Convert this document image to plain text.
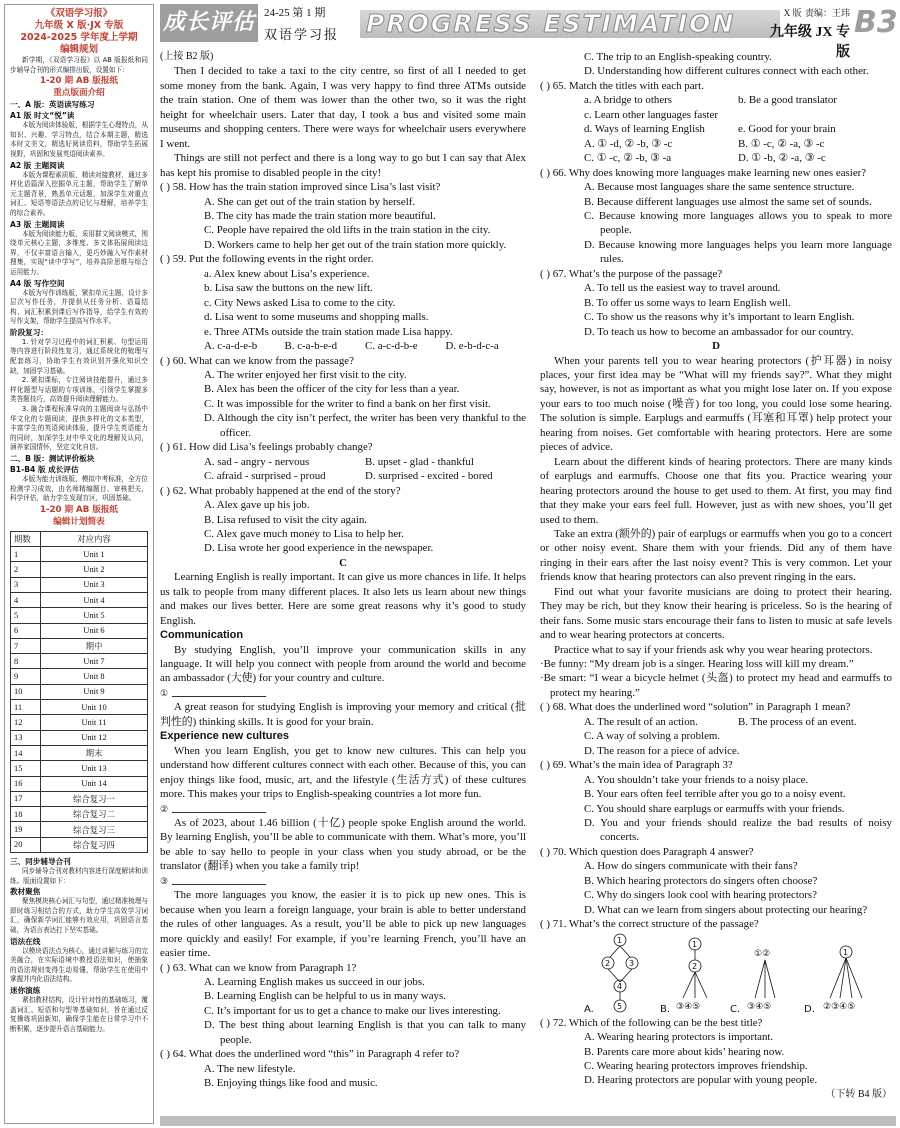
成长评估 24-25 第 1 期
双语学习报 PROGRESS ESTIMATION	X 版 责编：王玮
九年级 JX 专版
B3
《双语学习报》
九年级 X 版·JX 专版
2024-2025 学年度上学期
编辑规划
新学期，《双语学习报》以 AB 版报纸和同步辅导合刊的形式编排出版，设置如下：
1-20 期 AB 版报纸
重点版面介绍
一、A 版：英语读写练习
A1 版 时文“悦”读
本版为阅读体验版，根据学生心理特点，从知识、兴趣、学习特点，结合本期主题，精选本时文美文，精选好阅读资料，帮助学生拓展视野，巩固和发展英语阅读素养。
A2 版 主题阅读
本版为课程素质版，精读对接教材，通过多样化语篇深入挖掘单元主题，帮助学生了解单元主题背景，熟悉单元话题，加深学生对重点词汇、短语等语法点的记忆与理解，培养学生的综合素养。
A3 版 主题阅读
本版为阅读能力版，采用群文阅读模式，围绕单元核心主题，多维度、多文体拓展阅读边界，不仅丰富语言输入，更巧妙融入写作素材搜集，实现“读中学写”，培养高阶思维与综合运用能力。
A4 版 写作空间
本版为写作训练版，紧扣单元主题，设计多层次写作任务，并提供从任务分析、语篇结构、词汇积累到课后写作指导，给学生有效的写作支架，帮助学生提高写作水平。
阶段复习：
1. 针对学习过程中的词汇积累、句型运用等内容进行阶段性复习，通过系统化的梳理与配套练习，协助学生有效识别并强化知识空缺，加固学习基础。
2. 紧扣课标，专注阅读技能提升，通过多样化题型与话题的专项训练，引领学生掌握多类答题技巧，高效提升阅读理解能力。
3. 融合课程标准导向的主题阅读与弘扬中华文化的专题阅读，提供多样化的文本类型，丰富学生的英语阅读体验，提升学生英语能力的同时，加深学生对中华文化的理解及认同，涵养家国情怀，坚定文化自信。
二、B 版：测试评价板块
B1-B4 版 成长评估
本版为能力训练版，模拟中考标准，全方位检测学习成效，由名师精编题目、审核把关，科学评估，助力学生发现盲区，巩固基础。
1-20 期 AB 版报纸
编辑计划简表
期数	对应内容
1	Unit 1
2	Unit 2
3	Unit 3
4	Unit 4
5	Unit 5
6	Unit 6
7	期中
8	Unit 7
9	Unit 8
10	Unit 9
11	Unit 10
12	Unit 11
13	Unit 12
14	期末
15	Unit 13
16	Unit 14
17	综合复习一
18	综合复习二
19	综合复习三
20	综合复习四
三、同步辅导合刊
同步辅导合刊对教材内容进行深度解读和训练。版面设置如下：
教材聚焦
聚焦模块核心词汇与句型，通过精准梳理与即时练习相结合的方式，助力学生高效学习词汇，确保新学词汇能够有效应用，巩固语言基础，为语言表达打下坚实基础。
语法在线
以模块语法点为核心，通过讲解与练习的完美融合，在实际语境中教授语法知识，使抽象的语法规则变得生动易懂，帮助学生在使用中掌握并内化语法结构。
迷你演练
紧扣教材结构，设计针对性的基础练习，覆盖词汇、短语和句型等基础知识，旨在通过反复操练巩固新知，确保学生能在日常学习中不断积累，逐步提升语言基础能力。

(上接 B2 版)

Then I decided to take a taxi to the city centre, so first of all I needed to get some money from the bank. Again, I was very happy to find three ATMs outside the train station. One of them was lower than the other two, so it was the right height for wheelchair users. Later that day, I took a bus and visited some main museums and shopping centers. There were ways for wheelchair users everywhere I went.

Things are still not perfect and there is a long way to go but I can say that Alex has kept his promise to disabled people in the city!

( ) 58. How has the train station improved since Lisa’s last visit?

A. She can get out of the train station by herself.

B. The city has made the train station more beautiful.

C. People have repaired the old lifts in the train station in the city.

D. Workers came to help her get out of the train station more quickly.

( ) 59. Put the following events in the right order.

a. Alex knew about Lisa’s experience.

b. Lisa saw the buttons on the new lift.

c. City News asked Lisa to come to the city.

d. Lisa went to some museums and shopping malls.

e. Three ATMs outside the train station made Lisa happy.

A. c-a-d-e-b	B. c-a-b-e-d	C. a-c-d-b-e	D. e-b-d-c-a

( ) 60. What can we know from the passage?

A. The writer enjoyed her first visit to the city.

B. Alex has been the officer of the city for less than a year.

C. It was impossible for the writer to find a bank on her first visit.

D. Although the city isn’t perfect, the writer has been very thankful to the officer.

( ) 61. How did Lisa’s feelings probably change?

A. sad - angry - nervous	B. upset - glad - thankful
C. afraid - surprised - proud	D. surprised - excited - bored

( ) 62. What probably happened at the end of the story?

A. Alex gave up his job.

B. Lisa refused to visit the city again.

C. Alex gave much money to Lisa to help her.

D. Lisa wrote her good experience in the newspaper.

C

Learning English is really important. It can give us more chances in life. It helps us talk to people from many different places. It also lets us learn about new things and makes our lives better. Here are some great reasons why it’s good to study English.

Communication

By studying English, you’ll improve your communication skills in any language. It will help you connect with people from around the world and become an ambassador (大使) for your country and culture.

①

A great reason for studying English is improving your memory and critical (批判性的) thinking skills. It is good for your brain.

Experience new cultures

When you learn English, you get to know new cultures. This can help you understand how different cultures connect with each other. Because of this, you can enjoy things like food, music, art, and the lifestyle (生活方式) of these cultures more. This makes your trips to English-speaking countries a lot more fun.

②

As of 2023, about 1.46 billion (十亿) people spoke English around the world. By learning English, you’ll be able to communicate with them. What’s more, you’ll be able to say hello to people in your class when you study abroad, or be the translator (翻译) when you take a family trip!

③

The more languages you know, the easier it is to pick up new ones. This is because when you learn a foreign language, your brain is able to better understand the rules of other languages. As a result, you’ll be able to pick up new languages more quickly and easily! For example, if you’re learning French, you’ll have an easier time.

( ) 63. What can we know from Paragraph 1?

A. Learning English makes us succeed in our jobs.

B. Learning English can be helpful to us in many ways.

C. It’s important for us to get a chance to make our lives interesting.

D. The best thing about learning English is that you can talk to many people.

( ) 64. What does the underlined word “this” in Paragraph 4 refer to?

A. The new lifestyle.

B. Enjoying things like food and music.

C. The trip to an English-speaking country.

D. Understanding how different cultures connect with each other.

( ) 65. Match the titles with each part.

a. A bridge to others	b. Be a good translator
c. Learn other languages faster
d. Ways of learning English	e. Good for your brain
A. ① -d, ② -b, ③ -c	B. ① -c, ② -a, ③ -c
C. ① -c, ② -b, ③ -a	D. ① -b, ② -a, ③ -c

( ) 66. Why does knowing more languages make learning new ones easier?

A. Because most languages share the same sentence structure.

B. Because different languages use almost the same set of sounds.

C. Because knowing more languages allows you to speak to more people.

D. Because knowing more languages helps you learn more language rules.

( ) 67. What’s the purpose of the passage?

A. To tell us the easiest way to travel around.

B. To offer us some ways to learn English well.

C. To show us the reasons why it’s important to learn English.

D. To teach us how to become an ambassador for our country.

D

When your parents tell you to wear hearing protectors (护耳器) in noisy places, your first idea may be “What will my friends say?”. What they might say, however, is not as important as what you might lose later on. If you expose your ears to too much noise (噪音) for too long, you could lose some hearing. The solution is simple. Earplugs and earmuffs (耳塞和耳罩) help protect your hearing from noises. Get comfortable with hearing protectors. Here are some pieces of advice.

Learn about the different kinds of hearing protectors. There are many kinds of earplugs and earmuffs. Choose one that fits you. Practice wearing your hearing protectors around the house to get used to them. At first, you may find that they make your ears feel full. However, just as with new shoes, you’ll get used to them.

Take an extra (额外的) pair of earplugs or earmuffs when you go to a concert or other noisy event. Share them with your friends. Did any of them have ringing in their ears after the last noisy event? This is very common. Let your friends know that hearing protectors can also prevent ringing in the ears.

Find out what your favorite musicians are doing to protect their hearing. They may be rich, but they know their hearing is priceless. So is the hearing of their fans. Some music stars encourage their fans to listen to music at safe levels and to wear hearing protectors at concerts.

Practice what to say if your friends ask why you wear hearing protectors.

·Be funny: “My dream job is a singer. Hearing loss will kill my dream.”

·Be smart: “I wear a bicycle helmet (头盔) to protect my head and earmuffs to protect my hearing.”

( ) 68. What does the underlined word “solution” in Paragraph 1 mean?

A. The result of an action.	B. The process of an event.
C. A way of solving a problem.
D. The reason for a piece of advice.

( ) 69. What’s the main idea of Paragraph 3?

A. You shouldn’t take your friends to a noisy place.

B. Your ears often feel terrible after you go to a noisy event.

C. You should share earplugs or earmuffs with your friends.

D. You and your friends should realize the bad results of noisy concerts.

( ) 70. Which question does Paragraph 4 answer?

A. How do singers communicate with their fans?

B. Which hearing protectors do singers often choose?

C. Why do singers look cool with hearing protectors?

D. What can we learn from singers about protecting our hearing?

( ) 71. What’s the correct structure of the passage?

A.
1
2 3
4
5	B.
1
2
③④⑤	C.
①②
③④⑤	D.
1
②③④⑤

( ) 72. Which of the following can be the best title?

A. Wearing hearing protectors is important.

B. Parents care more about kids’ hearing now.

C. Wearing hearing protectors improves friendship.

D. Hearing protectors are popular with young people.

（下转 B4 版）
